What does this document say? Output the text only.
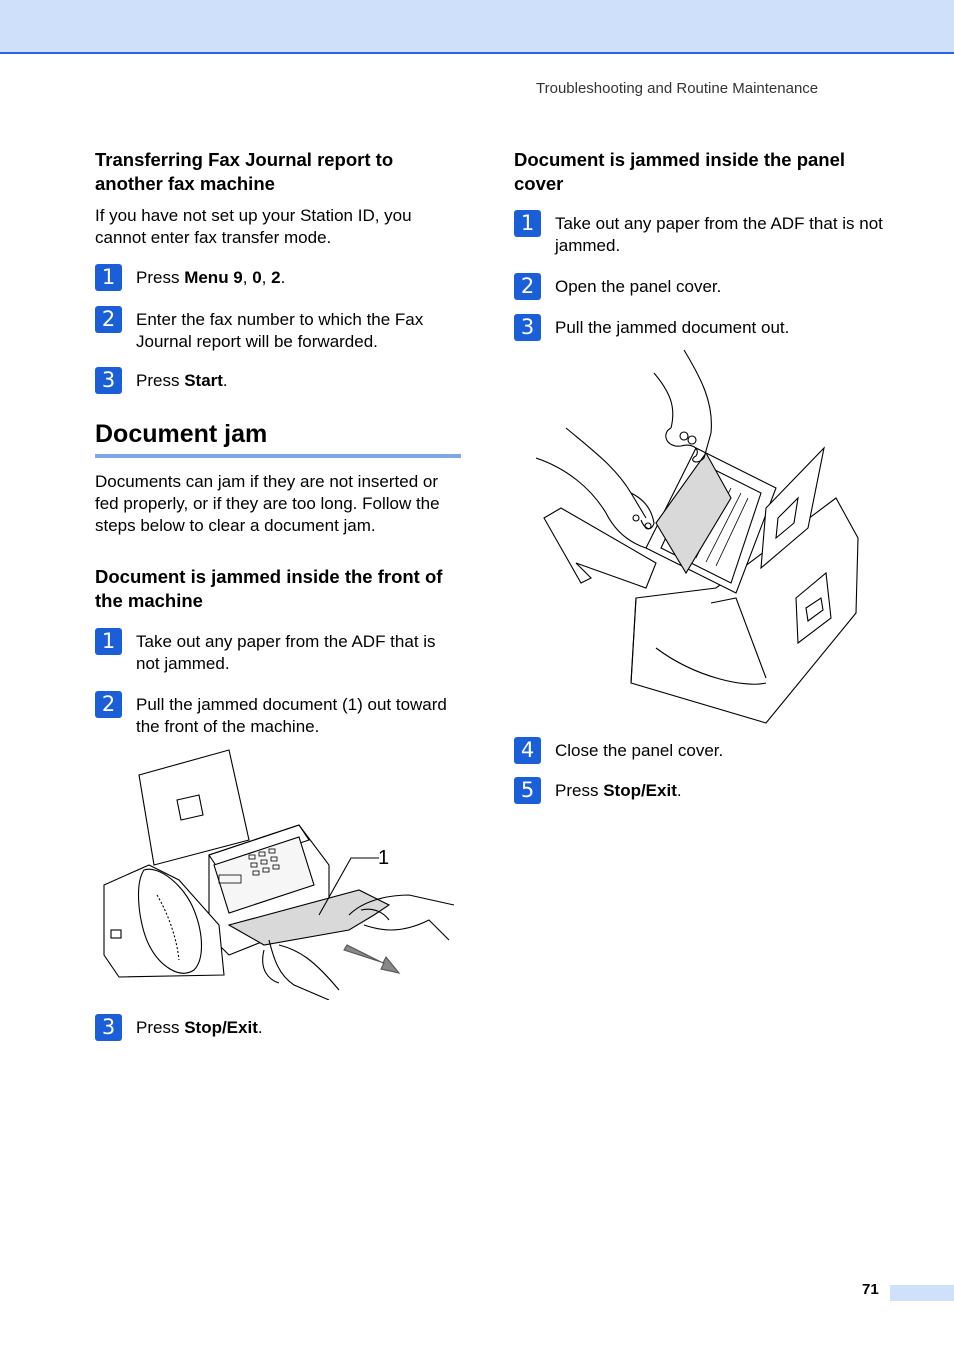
Troubleshooting and Routine Maintenance
Transferring Fax Journal report to another fax machine

If you have not set up your Station ID, you cannot enter fax transfer mode.

1	Press Menu 9, 0, 2.
2	Enter the fax number to which the Fax Journal report will be forwarded.
3	Press Start.
Document jam

Documents can jam if they are not inserted or fed properly, or if they are too long. Follow the steps below to clear a document jam.

Document is jammed inside the front of the machine
1	Take out any paper from the ADF that is not jammed.
2	Pull the jammed document (1) out toward the front of the machine.
1
3	Press Stop/Exit.
Document is jammed inside the panel cover
1	Take out any paper from the ADF that is not jammed.
2	Open the panel cover.
3	Pull the jammed document out.
4	Close the panel cover.
5	Press Stop/Exit.
71
